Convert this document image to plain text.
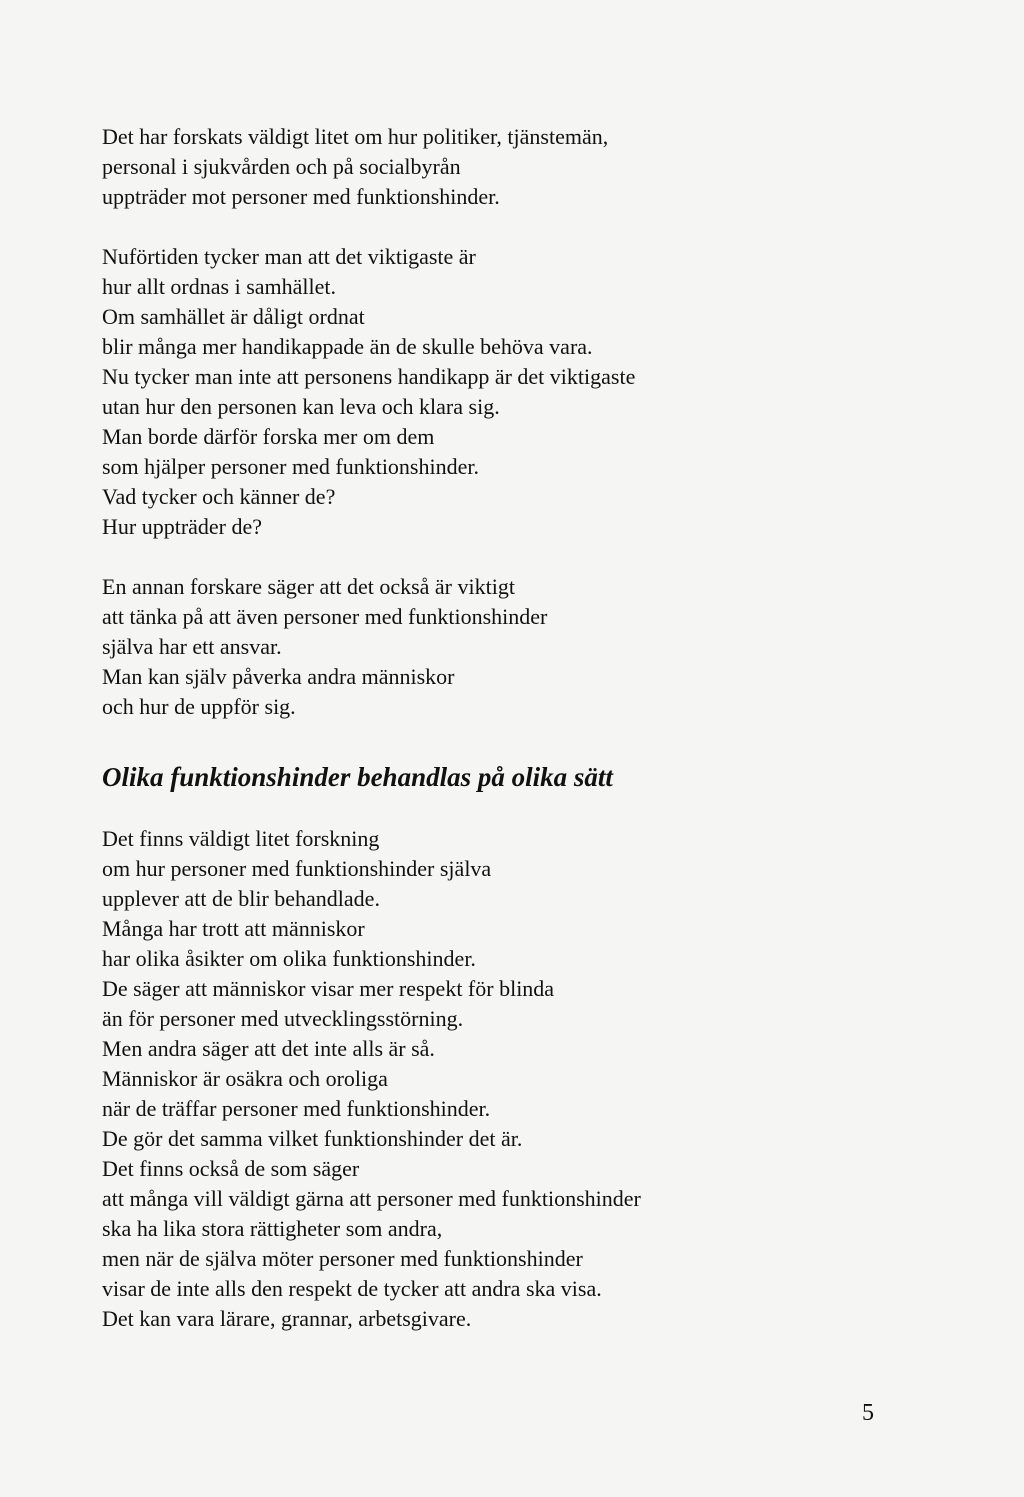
Det har forskats väldigt litet om hur politiker, tjänstemän,
personal i sjukvården och på socialbyrån
uppträder mot personer med funktionshinder.
Nuförtiden tycker man att det viktigaste är
hur allt ordnas i samhället.
Om samhället är dåligt ordnat
blir många mer handikappade än de skulle behöva vara.
Nu tycker man inte att personens handikapp är det viktigaste
utan hur den personen kan leva och klara sig.
Man borde därför forska mer om dem
som hjälper personer med funktionshinder.
Vad tycker och känner de?
Hur uppträder de?
En annan forskare säger att det också är viktigt
att tänka på att även personer med funktionshinder
själva har ett ansvar.
Man kan själv påverka andra människor
och hur de uppför sig.
Olika funktionshinder behandlas på olika sätt
Det finns väldigt litet forskning
om hur personer med funktionshinder själva
upplever att de blir behandlade.
Många har trott att människor
har olika åsikter om olika funktionshinder.
De säger att människor visar mer respekt för blinda
än för personer med utvecklingsstörning.
Men andra säger att det inte alls är så.
Människor är osäkra och oroliga
när de träffar personer med funktionshinder.
De gör det samma vilket funktionshinder det är.
Det finns också de som säger
att många vill väldigt gärna att personer med funktionshinder
ska ha lika stora rättigheter som andra,
men när de själva möter personer med funktionshinder
visar de inte alls den respekt de tycker att andra ska visa.
Det kan vara lärare, grannar, arbetsgivare.
5
